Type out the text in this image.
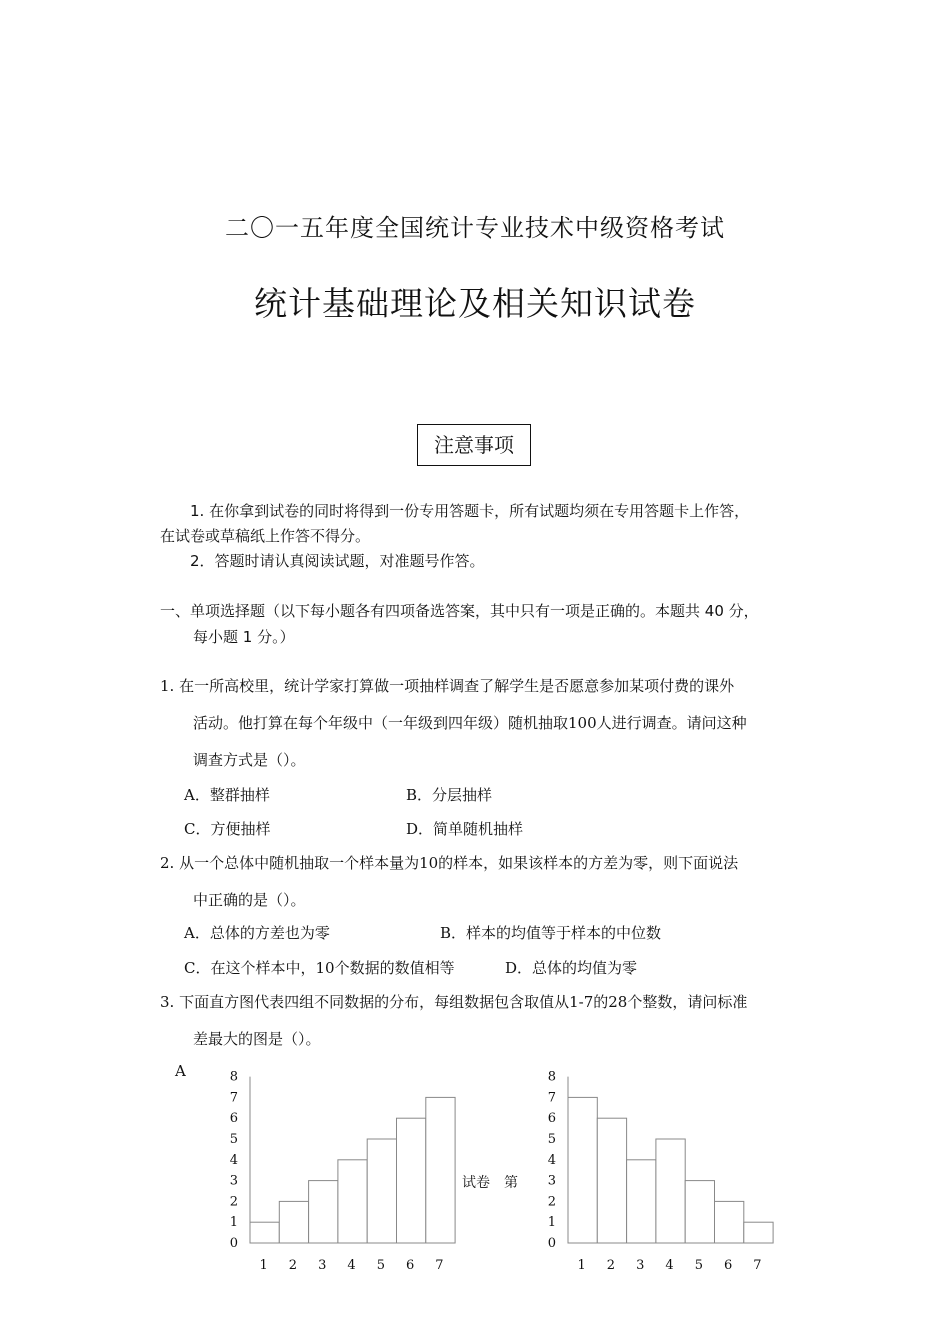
二〇一五年度全国统计专业技术中级资格考试
统计基础理论及相关知识试卷
注意事项
1. 在你拿到试卷的同时将得到一份专用答题卡，所有试题均须在专用答题卡上作答，
在试卷或草稿纸上作答不得分。
2．答题时请认真阅读试题，对准题号作答。
一、单项选择题（以下每小题各有四项备选答案，其中只有一项是正确的。本题共 40 分，
每小题 1 分。）
1. 在一所高校里，统计学家打算做一项抽样调查了解学生是否愿意参加某项付费的课外
活动。他打算在每个年级中（一年级到四年级）随机抽取100人进行调查。请问这种
调查方式是（）。
A．整群抽样	B．分层抽样
C．方便抽样	D．简单随机抽样
2. 从一个总体中随机抽取一个样本量为10的样本，如果该样本的方差为零，则下面说法
中正确的是（）。
A．总体的方差也为零	B．样本的均值等于样本的中位数
C．在这个样本中，10个数据的数值相等	D．总体的均值为零
3. 下面直方图代表四组不同数据的分布，每组数据包含取值从1-7的28个整数，请问标准
差最大的图是（）。
A
试卷　第
0
1
2
3
4
5
6
7
8
1 2 3 4 5 6 7
0
1
2
3
4
5
6
7
8
1 2 3 4 5 6 7
